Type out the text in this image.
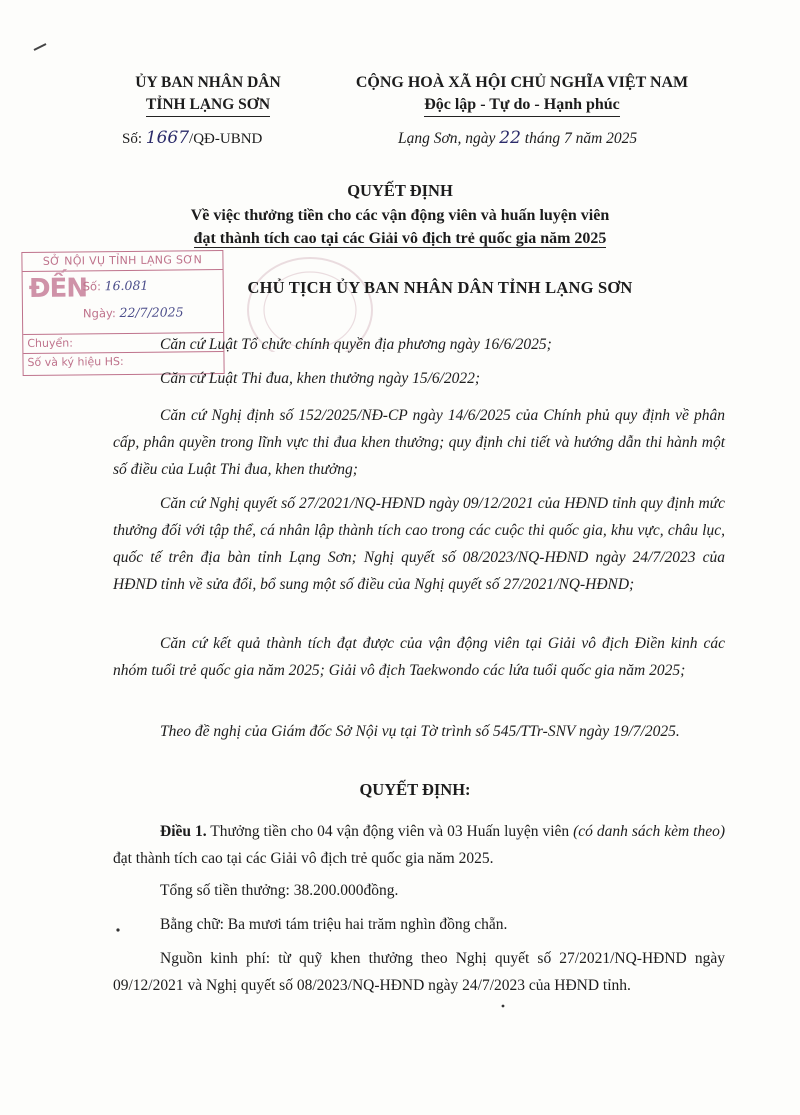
ỦY BAN NHÂN DÂN
TỈNH LẠNG SƠN
CỘNG HOÀ XÃ HỘI CHỦ NGHĨA VIỆT NAM
Độc lập - Tự do - Hạnh phúc
Số: 1667/QĐ-UBND	Lạng Sơn, ngày 22 tháng 7 năm 2025
QUYẾT ĐỊNH
Về việc thưởng tiền cho các vận động viên và huấn luyện viên
đạt thành tích cao tại các Giải vô địch trẻ quốc gia năm 2025
CHỦ TỊCH ỦY BAN NHÂN DÂN TỈNH LẠNG SƠN
SỞ NỘI VỤ TỈNH LẠNG SƠN
ĐẾN
Số: 16.081
Ngày: 22/7/2025
Chuyển:
Số và ký hiệu HS:
Căn cứ Luật Tổ chức chính quyền địa phương ngày 16/6/2025;
Căn cứ Luật Thi đua, khen thưởng ngày 15/6/2022;
Căn cứ Nghị định số 152/2025/NĐ-CP ngày 14/6/2025 của Chính phủ quy định về phân cấp, phân quyền trong lĩnh vực thi đua khen thưởng; quy định chi tiết và hướng dẫn thi hành một số điều của Luật Thi đua, khen thưởng;
Căn cứ Nghị quyết số 27/2021/NQ-HĐND ngày 09/12/2021 của HĐND tỉnh quy định mức thưởng đối với tập thể, cá nhân lập thành tích cao trong các cuộc thi quốc gia, khu vực, châu lục, quốc tế trên địa bàn tỉnh Lạng Sơn; Nghị quyết số 08/2023/NQ-HĐND ngày 24/7/2023 của HĐND tỉnh về sửa đổi, bổ sung một số điều của Nghị quyết số 27/2021/NQ-HĐND;
Căn cứ kết quả thành tích đạt được của vận động viên tại Giải vô địch Điền kinh các nhóm tuổi trẻ quốc gia năm 2025; Giải vô địch Taekwondo các lứa tuổi quốc gia năm 2025;
Theo đề nghị của Giám đốc Sở Nội vụ tại Tờ trình số 545/TTr-SNV ngày 19/7/2025.
QUYẾT ĐỊNH:
Điều 1. Thưởng tiền cho 04 vận động viên và 03 Huấn luyện viên (có danh sách kèm theo) đạt thành tích cao tại các Giải vô địch trẻ quốc gia năm 2025.
Tổng số tiền thưởng: 38.200.000đồng.
Bằng chữ: Ba mươi tám triệu hai trăm nghìn đồng chẵn.
Nguồn kinh phí: từ quỹ khen thưởng theo Nghị quyết số 27/2021/NQ-HĐND ngày 09/12/2021 và Nghị quyết số 08/2023/NQ-HĐND ngày 24/7/2023 của HĐND tỉnh.
